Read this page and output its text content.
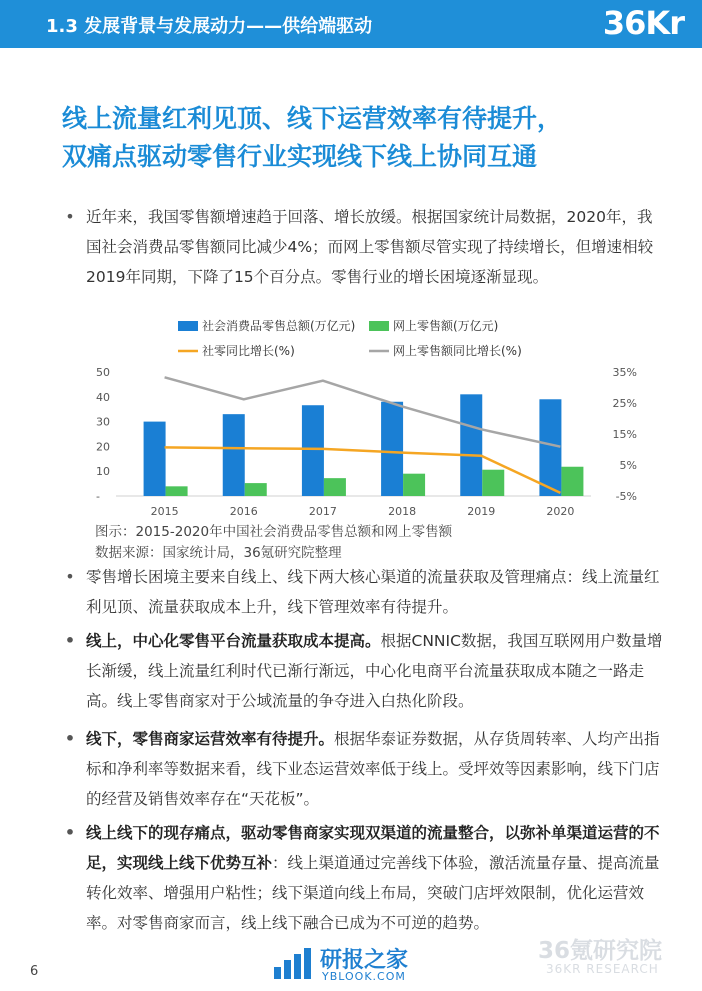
1.3 发展背景与发展动力——供给端驱动	36Kr
线上流量红利见顶、线下运营效率有待提升，
双痛点驱动零售行业实现线下线上协同互通
• 近年来，我国零售额增速趋于回落、增长放缓。根据国家统计局数据，2020年，我国社会消费品零售额同比减少4%；而网上零售额尽管实现了持续增长，但增速相较2019年同期，下降了15个百分点。零售行业的增长困境逐渐显现。
社会消费品零售总额(万亿元)	网上零售额(万亿元)
社零同比增长(%)	网上零售额同比增长(%)
-
10
20
30
40
50
-5%
5%
15%
25%
35%
2015	2016	2017	2018	2019	2020
图示：2015-2020年中国社会消费品零售总额和网上零售额
数据来源：国家统计局，36氪研究院整理
• 零售增长困境主要来自线上、线下两大核心渠道的流量获取及管理痛点：线上流量红利见顶、流量获取成本上升，线下管理效率有待提升。
• 线上，中心化零售平台流量获取成本提高。根据CNNIC数据，我国互联网用户数量增长渐缓，线上流量红利时代已渐行渐远，中心化电商平台流量获取成本随之一路走高。线上零售商家对于公域流量的争夺进入白热化阶段。
• 线下，零售商家运营效率有待提升。根据华泰证券数据，从存货周转率、人均产出指标和净利率等数据来看，线下业态运营效率低于线上。受坪效等因素影响，线下门店的经营及销售效率存在“天花板”。
• 线上线下的现存痛点，驱动零售商家实现双渠道的流量整合，以弥补单渠道运营的不足，实现线上线下优势互补：线上渠道通过完善线下体验，激活流量存量、提高流量转化效率、增强用户粘性；线下渠道向线上布局，突破门店坪效限制，优化运营效率。对零售商家而言，线上线下融合已成为不可逆的趋势。
36氪研究院
36KR RESEARCH
研报之家
YBLOOK.COM
6
